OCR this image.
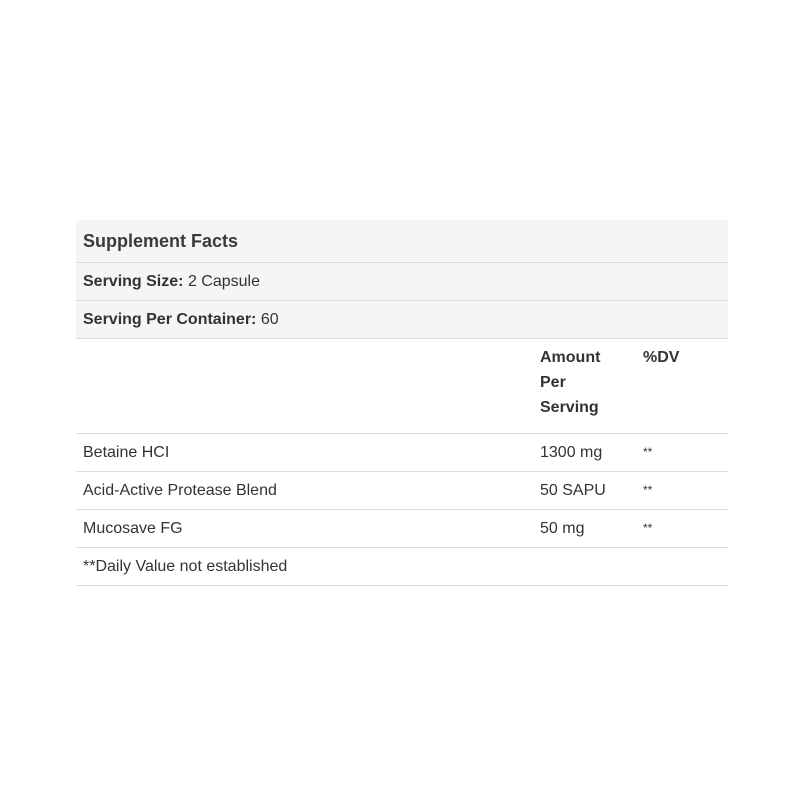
Supplement Facts		
Serving Size: 2 Capsule		
Serving Per Container: 60		
	Amount Per Serving	%DV
Betaine HCI	1300 mg	**
Acid-Active Protease Blend	50 SAPU	**
Mucosave FG	50 mg	**
**Daily Value not established		
